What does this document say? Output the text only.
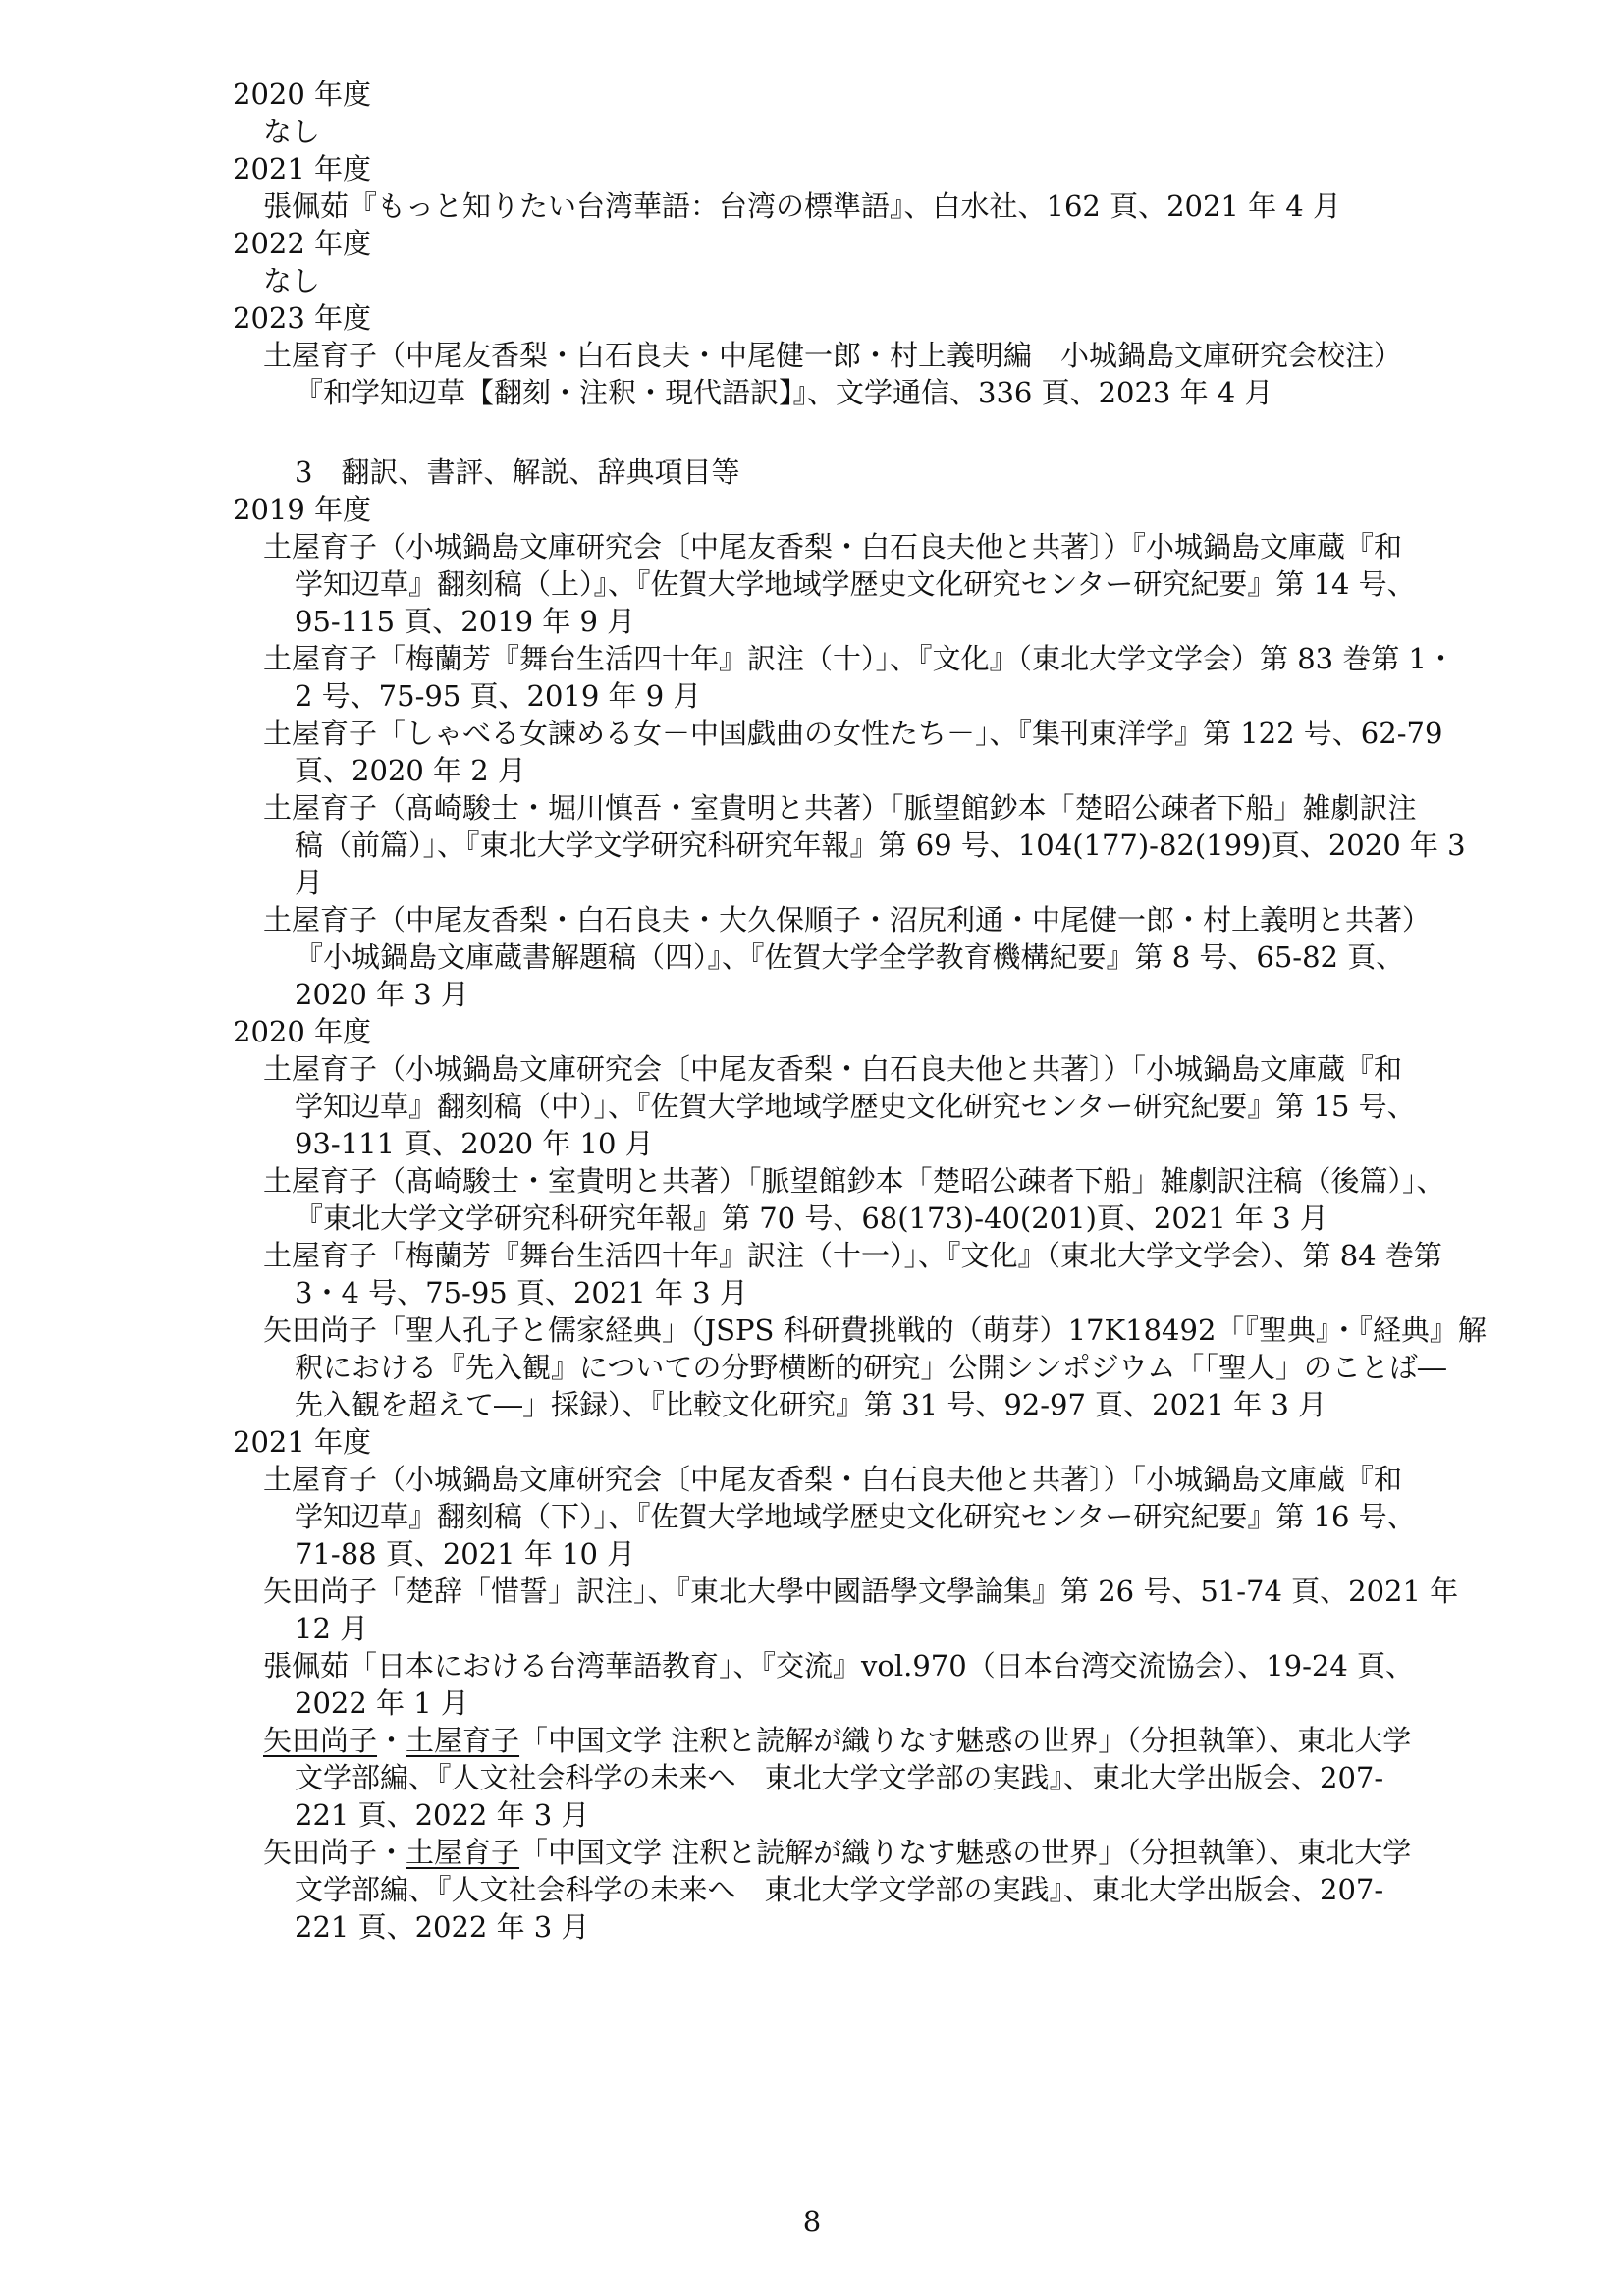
2020 年度
なし
2021 年度
張佩茹『もっと知りたい台湾華語：台湾の標準語』、白水社、162 頁、2021 年 4 月
2022 年度
なし
2023 年度
土屋育子（中尾友香梨・白石良夫・中尾健一郎・村上義明編　小城鍋島文庫研究会校注）
『和学知辺草【翻刻・注釈・現代語訳】』、文学通信、336 頁、2023 年 4 月
3　翻訳、書評、解説、辞典項目等
2019 年度
土屋育子（小城鍋島文庫研究会〔中尾友香梨・白石良夫他と共著〕）『小城鍋島文庫蔵『和
学知辺草』翻刻稿（上）』、『佐賀大学地域学歴史文化研究センター研究紀要』第 14 号、
95-115 頁、2019 年 9 月
土屋育子「梅蘭芳『舞台生活四十年』訳注（十）」、『文化』（東北大学文学会）第 83 巻第 1・
2 号、75-95 頁、2019 年 9 月
土屋育子「しゃべる女諫める女－中国戯曲の女性たち－」、『集刊東洋学』第 122 号、62-79
頁、2020 年 2 月
土屋育子（髙崎駿士・堀川慎吾・室貴明と共著）「脈望館鈔本「楚昭公疎者下船」雑劇訳注
稿（前篇）」、『東北大学文学研究科研究年報』第 69 号、104(177)-82(199)頁、2020 年 3
月
土屋育子（中尾友香梨・白石良夫・大久保順子・沼尻利通・中尾健一郎・村上義明と共著）
『小城鍋島文庫蔵書解題稿（四）』、『佐賀大学全学教育機構紀要』第 8 号、65-82 頁、
2020 年 3 月
2020 年度
土屋育子（小城鍋島文庫研究会〔中尾友香梨・白石良夫他と共著〕）「小城鍋島文庫蔵『和
学知辺草』翻刻稿（中）」、『佐賀大学地域学歴史文化研究センター研究紀要』第 15 号、
93-111 頁、2020 年 10 月
土屋育子（髙崎駿士・室貴明と共著）「脈望館鈔本「楚昭公疎者下船」雑劇訳注稿（後篇）」、
『東北大学文学研究科研究年報』第 70 号、68(173)-40(201)頁、2021 年 3 月
土屋育子「梅蘭芳『舞台生活四十年』訳注（十一）」、『文化』（東北大学文学会）、第 84 巻第
3・4 号、75-95 頁、2021 年 3 月
矢田尚子「聖人孔子と儒家経典」（JSPS 科研費挑戦的（萌芽）17K18492「『聖典』・『経典』解
釈における『先入観』についての分野横断的研究」公開シンポジウム「「聖人」のことば―
先入観を超えて―」採録）、『比較文化研究』第 31 号、92-97 頁、2021 年 3 月
2021 年度
土屋育子（小城鍋島文庫研究会〔中尾友香梨・白石良夫他と共著〕）「小城鍋島文庫蔵『和
学知辺草』翻刻稿（下）」、『佐賀大学地域学歴史文化研究センター研究紀要』第 16 号、
71-88 頁、2021 年 10 月
矢田尚子「楚辞「惜誓」訳注」、『東北大學中國語學文學論集』第 26 号、51-74 頁、2021 年
12 月
張佩茹「日本における台湾華語教育」、『交流』vol.970（日本台湾交流協会）、19-24 頁、
2022 年 1 月
矢田尚子・土屋育子「中国文学 注釈と読解が織りなす魅惑の世界」（分担執筆）、東北大学
文学部編、『人文社会科学の未来へ　東北大学文学部の実践』、東北大学出版会、207-
221 頁、2022 年 3 月
矢田尚子・土屋育子「中国文学 注釈と読解が織りなす魅惑の世界」（分担執筆）、東北大学
文学部編、『人文社会科学の未来へ　東北大学文学部の実践』、東北大学出版会、207-
221 頁、2022 年 3 月
8
